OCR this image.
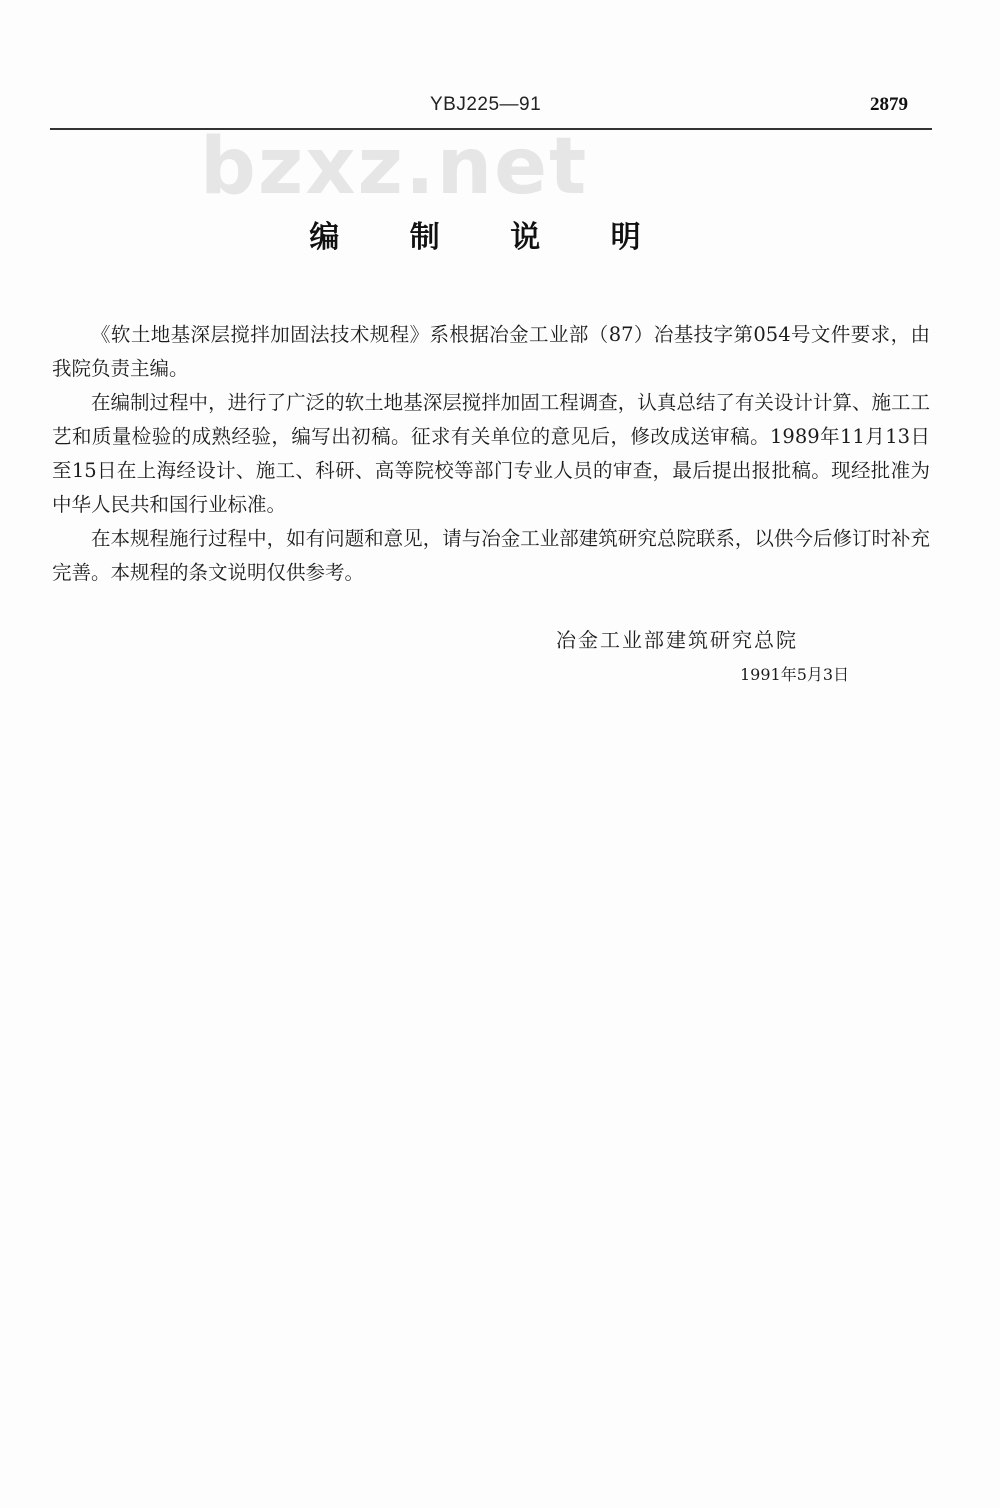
YBJ225—91	2879
bzxz.net
编 制 说 明

《软土地基深层搅拌加固法技术规程》系根据冶金工业部（87）冶基技字第054号文件要求，由我院负责主编。

在编制过程中，进行了广泛的软土地基深层搅拌加固工程调查，认真总结了有关设计计算、施工工艺和质量检验的成熟经验，编写出初稿。征求有关单位的意见后，修改成送审稿。1989年11月13日至15日在上海经设计、施工、科研、高等院校等部门专业人员的审查，最后提出报批稿。现经批准为中华人民共和国行业标准。

在本规程施行过程中，如有问题和意见，请与冶金工业部建筑研究总院联系，以供今后修订时补充完善。本规程的条文说明仅供参考。

冶金工业部建筑研究总院
1991年5月3日
